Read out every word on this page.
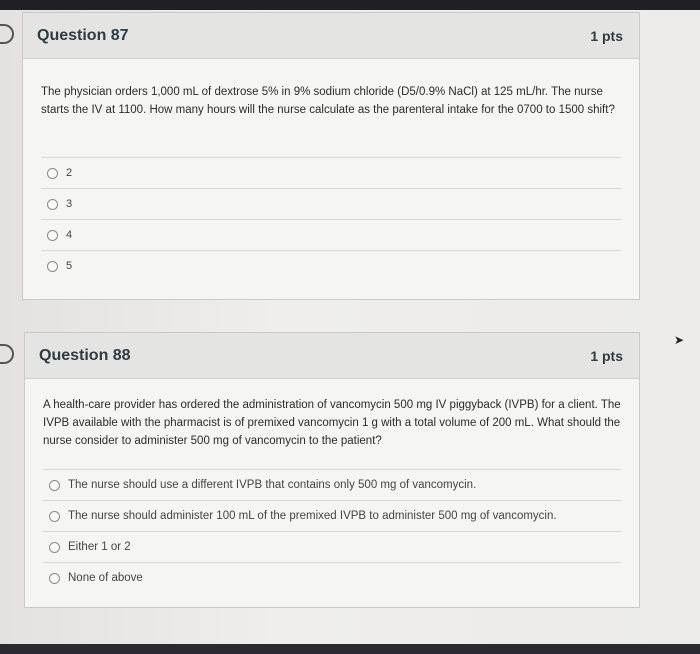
Question 87	1 pts
The physician orders 1,000 mL of dextrose 5% in 9% sodium chloride (D5/0.9% NaCl) at 125 mL/hr. The nurse starts the IV at 1100. How many hours will the nurse calculate as the parenteral intake for the 0700 to 1500 shift?
2
3
4
5
Question 88	1 pts
A health-care provider has ordered the administration of vancomycin 500 mg IV piggyback (IVPB) for a client. The IVPB available with the pharmacist is of premixed vancomycin 1 g with a total volume of 200 mL. What should the nurse consider to administer 500 mg of vancomycin to the patient?
The nurse should use a different IVPB that contains only 500 mg of vancomycin.
The nurse should administer 100 mL of the premixed IVPB to administer 500 mg of vancomycin.
Either 1 or 2
None of above
➤
